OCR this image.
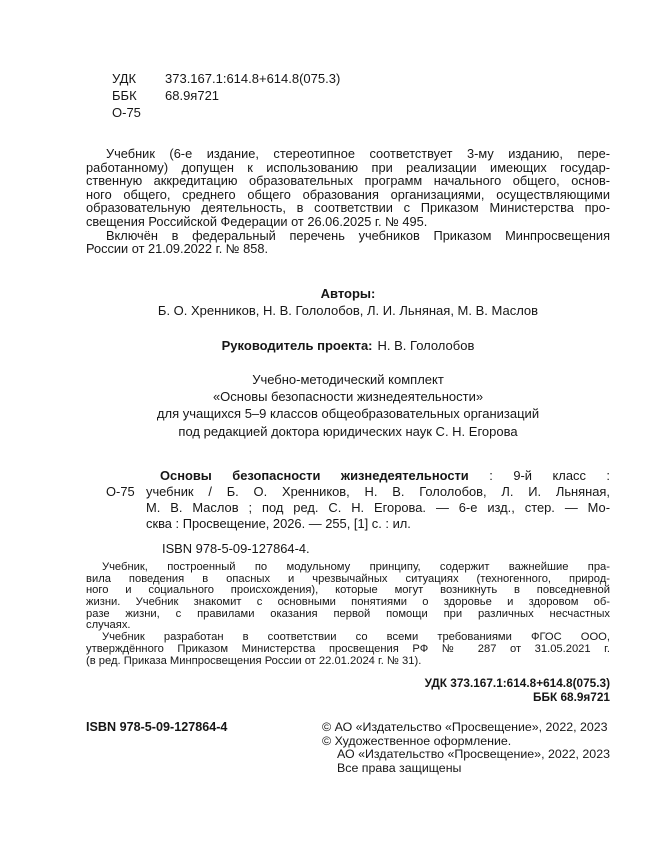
УДК 373.167.1:614.8+614.8(075.3)
ББК 68.9я721
О-75
Учебник (6-е издание, стереотипное соответствует 3-му изданию, пере-
работанному) допущен к использованию при реализации имеющих государ-
ственную аккредитацию образовательных программ начального общего, основ-
ного общего, среднего общего образования организациями, осуществляющими
образовательную деятельность, в соответствии с Приказом Министерства про-
свещения Российской Федерации от 26.06.2025 г. № 495.
Включён в федеральный перечень учебников Приказом Минпросвещения
России от 21.09.2022 г. № 858.
Авторы:
Б. О. Хренников, Н. В. Гололобов, Л. И. Льняная, М. В. Маслов
Руководитель проекта: Н. В. Гололобов
Учебно-методический комплект
«Основы безопасности жизнедеятельности»
для учащихся 5–9 классов общеобразовательных организаций
под редакцией доктора юридических наук С. Н. Егорова
Основы безопасности жизнедеятельности : 9-й класс :
О-75 учебник / Б. О. Хренников, Н. В. Гололобов, Л. И. Льняная,
М. В. Маслов ; под ред. С. Н. Егорова. — 6-е изд., стер. — Мо-
сква : Просвещение, 2026. — 255, [1] с. : ил.
ISBN 978-5-09-127864-4.
Учебник, построенный по модульному принципу, содержит важнейшие пра-
вила поведения в опасных и чрезвычайных ситуациях (техногенного, природ-
ного и социального происхождения), которые могут возникнуть в повседневной
жизни. Учебник знакомит с основными понятиями о здоровье и здоровом об-
разе жизни, с правилами оказания первой помощи при различных несчастных
случаях.
Учебник разработан в соответствии со всеми требованиями ФГОС ООО,
утверждённого Приказом Министерства просвещения РФ № 287 от 31.05.2021 г.
(в ред. Приказа Минпросвещения России от 22.01.2024 г. № 31).
УДК 373.167.1:614.8+614.8(075.3)
ББК 68.9я721
ISBN 978-5-09-127864-4	© АО «Издательство «Просвещение», 2022, 2023
© Художественное оформление.
АО «Издательство «Просвещение», 2022, 2023
Все права защищены
